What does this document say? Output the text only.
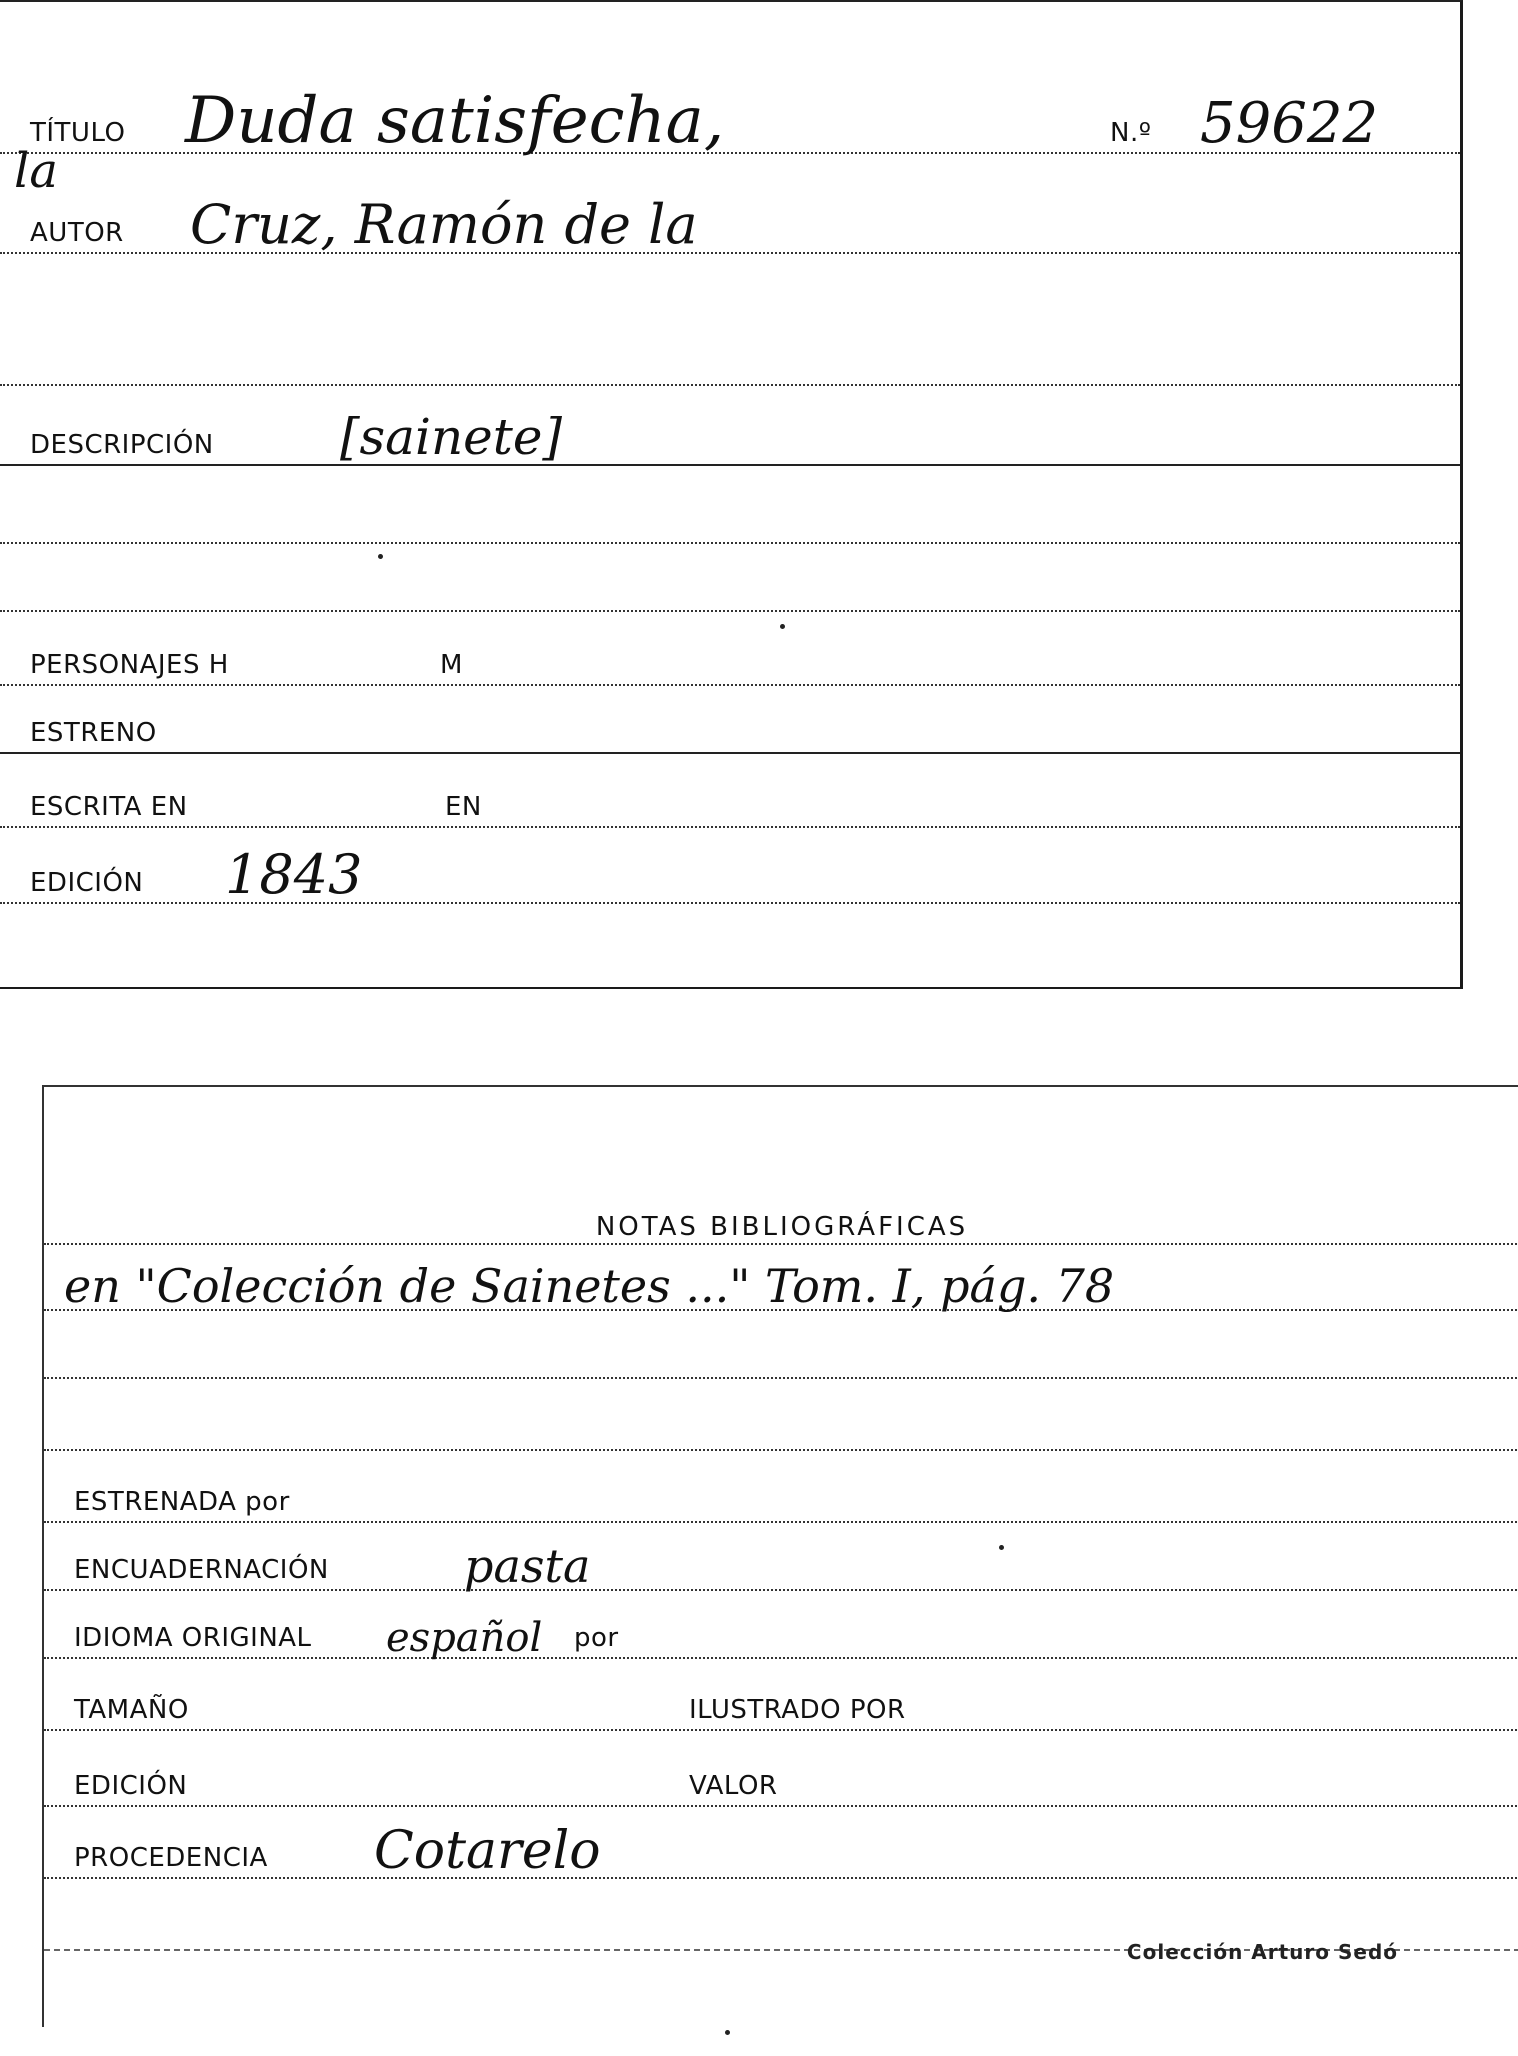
TÍTULO Duda satisfecha,	N.º 59622
la
AUTOR Cruz, Ramón de la
DESCRIPCIÓN	[sainete]
PERSONAJES H	M
ESTRENO
ESCRITA EN	EN
EDICIÓN 1843
NOTAS BIBLIOGRÁFICAS
en "Colección de Sainetes ..." Tom. I, pág. 78
ESTRENADA por
ENCUADERNACIÓN	pasta
IDIOMA ORIGINAL español por
TAMAÑO	ILUSTRADO POR
EDICIÓN	VALOR
PROCEDENCIA Cotarelo
Colección Arturo Sedó
